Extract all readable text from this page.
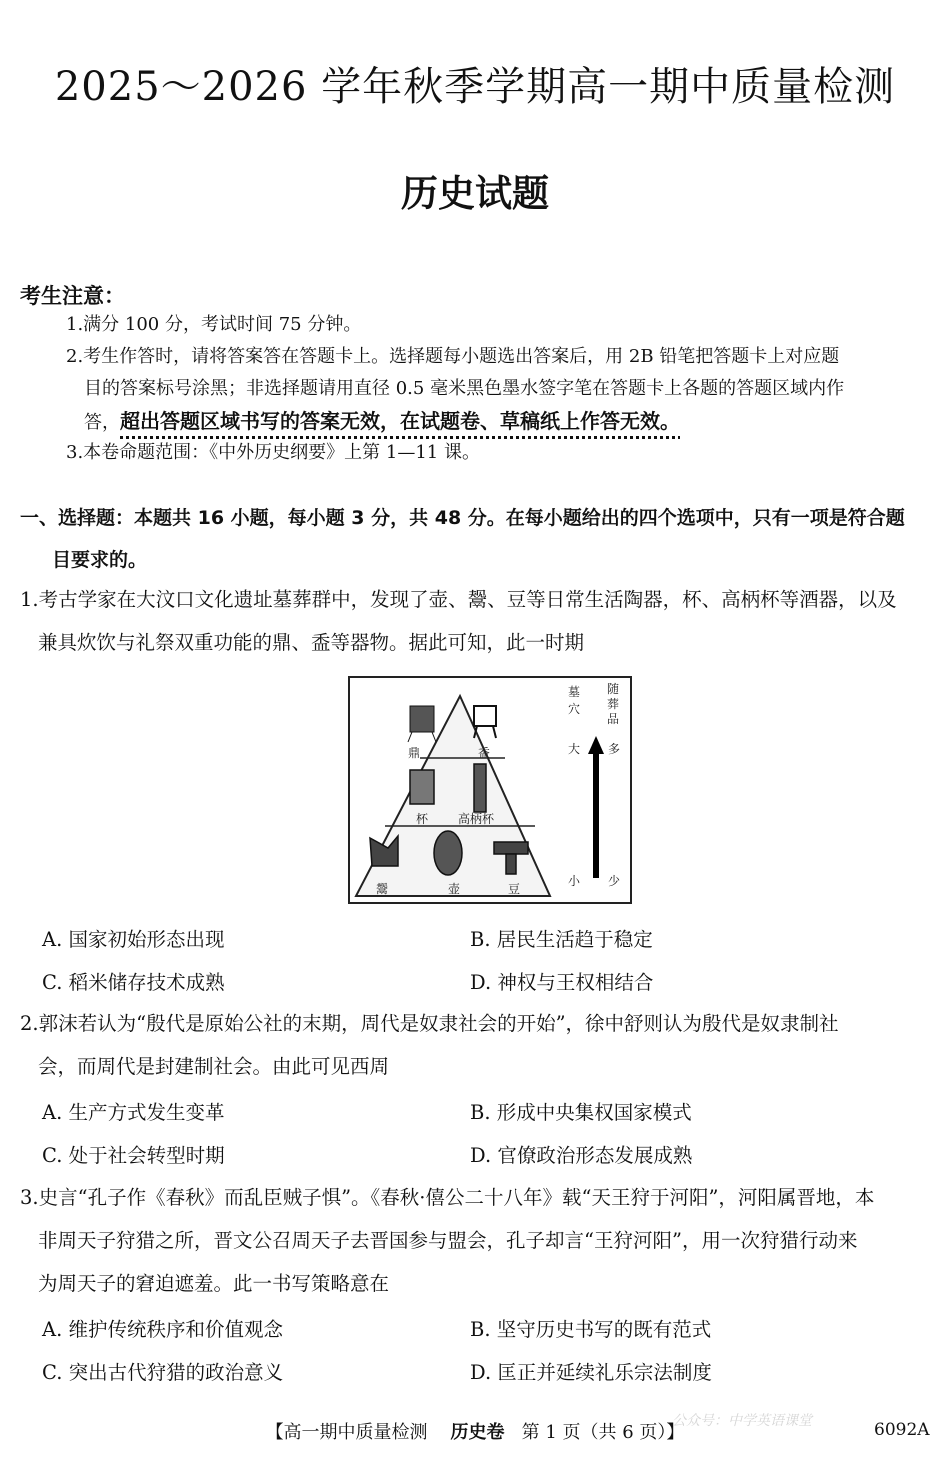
2025～2026 学年秋季学期高一期中质量检测
历史试题
考生注意：
1.满分 100 分，考试时间 75 分钟。
2.考生作答时，请将答案答在答题卡上。选择题每小题选出答案后，用 2B 铅笔把答题卡上对应题
目的答案标号涂黑；非选择题请用直径 0.5 毫米黑色墨水签字笔在答题卡上各题的答题区域内作
答，超出答题区域书写的答案无效，在试题卷、草稿纸上作答无效。
3.本卷命题范围：《中外历史纲要》上第 1—11 课。
一、选择题：本题共 16 小题，每小题 3 分，共 48 分。在每小题给出的四个选项中，只有一项是符合题
目要求的。
1.考古学家在大汶口文化遗址墓葬群中，发现了壶、鬶、豆等日常生活陶器，杯、高柄杯等酒器，以及
兼具炊饮与礼祭双重功能的鼎、盉等器物。据此可知，此一时期
鼎	盉
杯 高柄杯
鬶	壶	豆
墓穴
随葬品
大 多
小 少
A. 国家初始形态出现	B. 居民生活趋于稳定
C. 稻米储存技术成熟	D. 神权与王权相结合
2.郭沫若认为“殷代是原始公社的末期，周代是奴隶社会的开始”，徐中舒则认为殷代是奴隶制社
会，而周代是封建制社会。由此可见西周
A. 生产方式发生变革	B. 形成中央集权国家模式
C. 处于社会转型时期	D. 官僚政治形态发展成熟
3.史言“孔子作《春秋》而乱臣贼子惧”。《春秋·僖公二十八年》载“天王狩于河阳”，河阳属晋地，本
非周天子狩猎之所，晋文公召周天子去晋国参与盟会，孔子却言“王狩河阳”，用一次狩猎行动来
为周天子的窘迫遮羞。此一书写策略意在
A. 维护传统秩序和价值观念	B. 坚守历史书写的既有范式
C. 突出古代狩猎的政治意义	D. 匡正并延续礼乐宗法制度
公众号：中学英语课堂
【高一期中质量检测 历史卷 第 1 页（共 6 页）】	6092A
